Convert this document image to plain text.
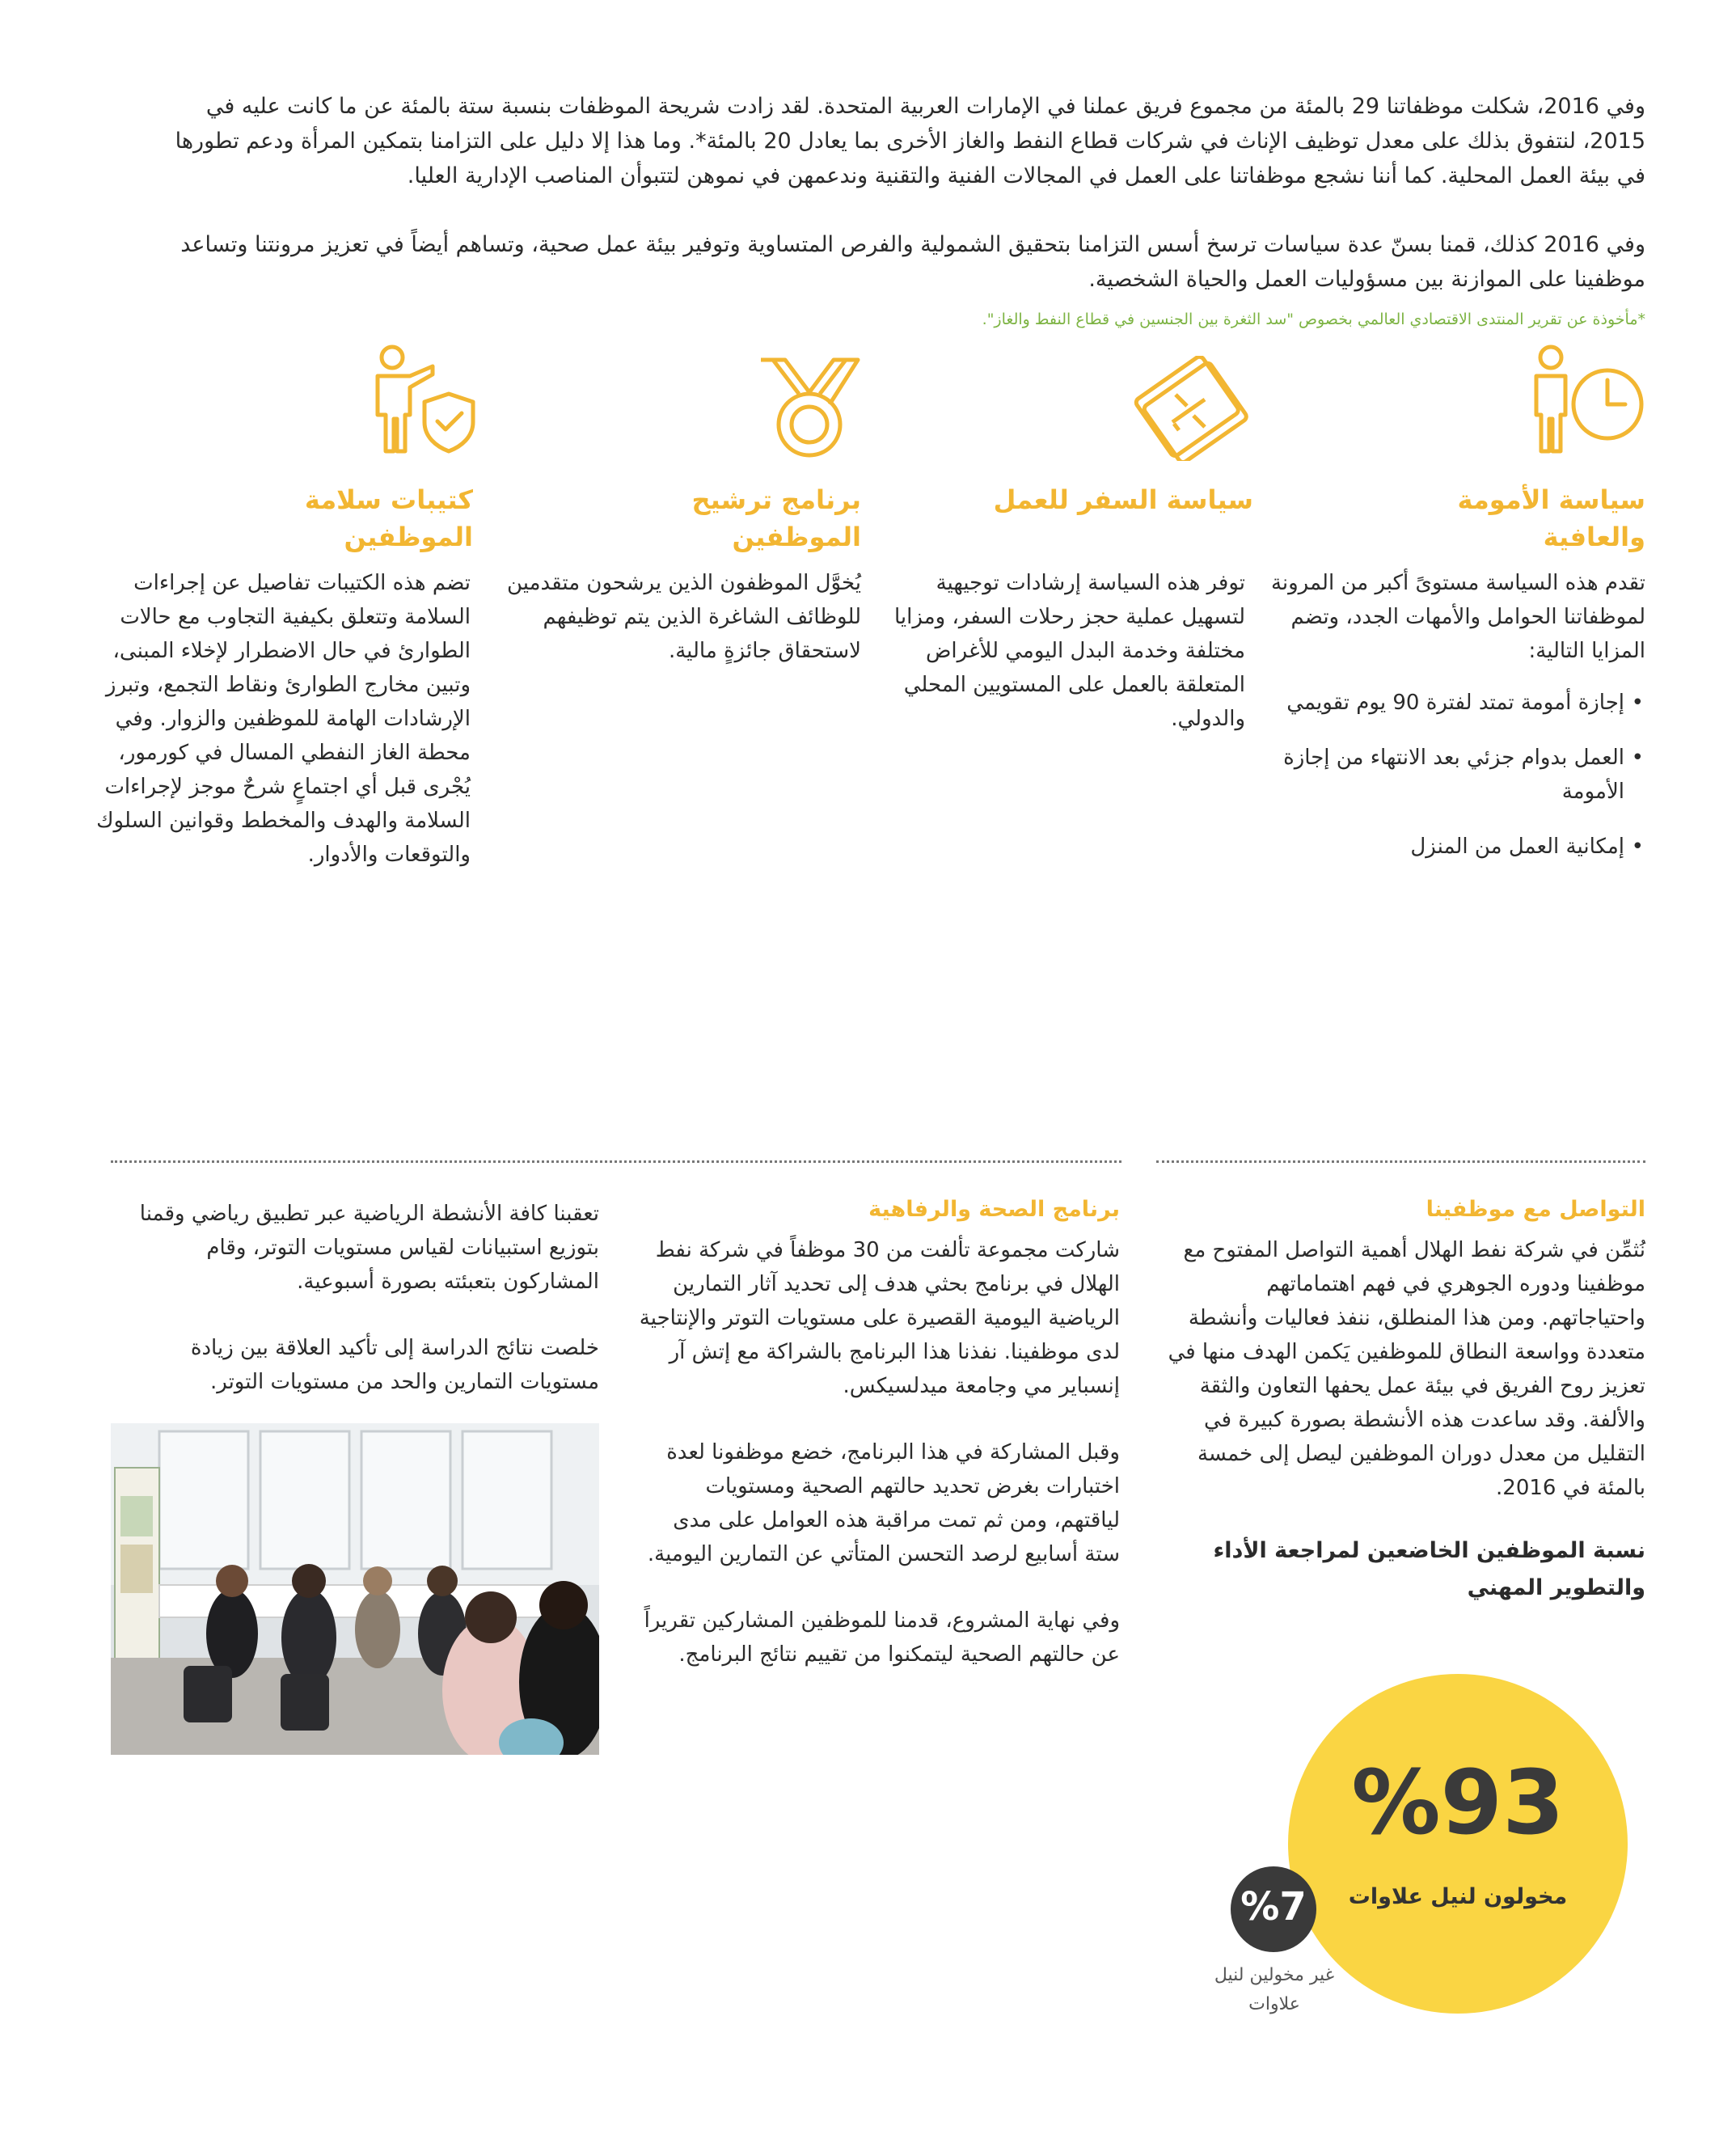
وفي 2016، شكلت موظفاتنا 29 بالمئة من مجموع فريق عملنا في الإمارات العربية المتحدة. لقد زادت شريحة الموظفات بنسبة ستة بالمئة عن ما كانت عليه في 2015، لنتفوق بذلك على معدل توظيف الإناث في شركات قطاع النفط والغاز الأخرى بما يعادل 20 بالمئة*. وما هذا إلا دليل على التزامنا بتمكين المرأة ودعم تطورها في بيئة العمل المحلية. كما أننا نشجع موظفاتنا على العمل في المجالات الفنية والتقنية وندعمهن في نموهن لتتبوأن المناصب الإدارية العليا.

وفي 2016 كذلك، قمنا بسنّ عدة سياسات ترسخ أسس التزامنا بتحقيق الشمولية والفرص المتساوية وتوفير بيئة عمل صحية، وتساهم أيضاً في تعزيز مرونتنا وتساعد موظفينا على الموازنة بين مسؤوليات العمل والحياة الشخصية.

*مأخوذة عن تقرير المنتدى الاقتصادي العالمي بخصوص "سد الثغرة بين الجنسين في قطاع النفط والغاز".
سياسة الأمومة والعافية
سياسة السفر للعمل
برنامج ترشيح الموظفين
كتيبات سلامة الموظفين

تقدم هذه السياسة مستوىً أكبر من المرونة لموظفاتنا الحوامل والأمهات الجدد، وتضم المزايا التالية:

• إجازة أمومة تمتد لفترة 90 يوم تقويمي
• العمل بدوام جزئي بعد الانتهاء من إجازة الأمومة
• إمكانية العمل من المنزل
توفر هذه السياسة إرشادات توجيهية لتسهيل عملية حجز رحلات السفر، ومزايا مختلفة وخدمة البدل اليومي للأغراض المتعلقة بالعمل على المستويين المحلي والدولي.
يُخوَّل الموظفون الذين يرشحون متقدمين للوظائف الشاغرة الذين يتم توظيفهم لاستحقاق جائزةٍ مالية.
تضم هذه الكتيبات تفاصيل عن إجراءات السلامة وتتعلق بكيفية التجاوب مع حالات الطوارئ في حال الاضطرار لإخلاء المبنى، وتبين مخارج الطوارئ ونقاط التجمع، وتبرز الإرشادات الهامة للموظفين والزوار. وفي محطة الغاز النفطي المسال في كورمور، يُجْرى قبل أي اجتماعٍ شرحٌ موجز لإجراءات السلامة والهدف والمخطط وقوانين السلوك والتوقعات والأدوار.
التواصل مع موظفينا
نُثمِّن في شركة نفط الهلال أهمية التواصل المفتوح مع موظفينا ودوره الجوهري في فهم اهتماماتهم واحتياجاتهم. ومن هذا المنطلق، ننفذ فعاليات وأنشطة متعددة وواسعة النطاق للموظفين يَكمن الهدف منها في تعزيز روح الفريق في بيئة عمل يحفها التعاون والثقة والألفة. وقد ساعدت هذه الأنشطة بصورة كبيرة في التقليل من معدل دوران الموظفين ليصل إلى خمسة بالمئة في 2016.
نسبة الموظفين الخاضعين لمراجعة الأداء والتطوير المهني
برنامج الصحة والرفاهية

شاركت مجموعة تألفت من 30 موظفاً في شركة نفط الهلال في برنامج بحثي هدف إلى تحديد آثار التمارين الرياضية اليومية القصيرة على مستويات التوتر والإنتاجية لدى موظفينا. نفذنا هذا البرنامج بالشراكة مع إتش آر إنسباير مي وجامعة ميدلسيكس.

وقبل المشاركة في هذا البرنامج، خضع موظفونا لعدة اختبارات بغرض تحديد حالتهم الصحية ومستويات لياقتهم، ومن ثم تمت مراقبة هذه العوامل على مدى ستة أسابيع لرصد التحسن المتأتي عن التمارين اليومية.

وفي نهاية المشروع، قدمنا للموظفين المشاركين تقريراً عن حالتهم الصحية ليتمكنوا من تقييم نتائج البرنامج.

تعقبنا كافة الأنشطة الرياضية عبر تطبيق رياضي وقمنا بتوزيع استبيانات لقياس مستويات التوتر، وقام المشاركون بتعبئته بصورة أسبوعية.

خلصت نتائج الدراسة إلى تأكيد العلاقة بين زيادة مستويات التمارين والحد من مستويات التوتر.

%93
مخولون لنيل علاوات
%7
غير مخولين لنيل علاوات
